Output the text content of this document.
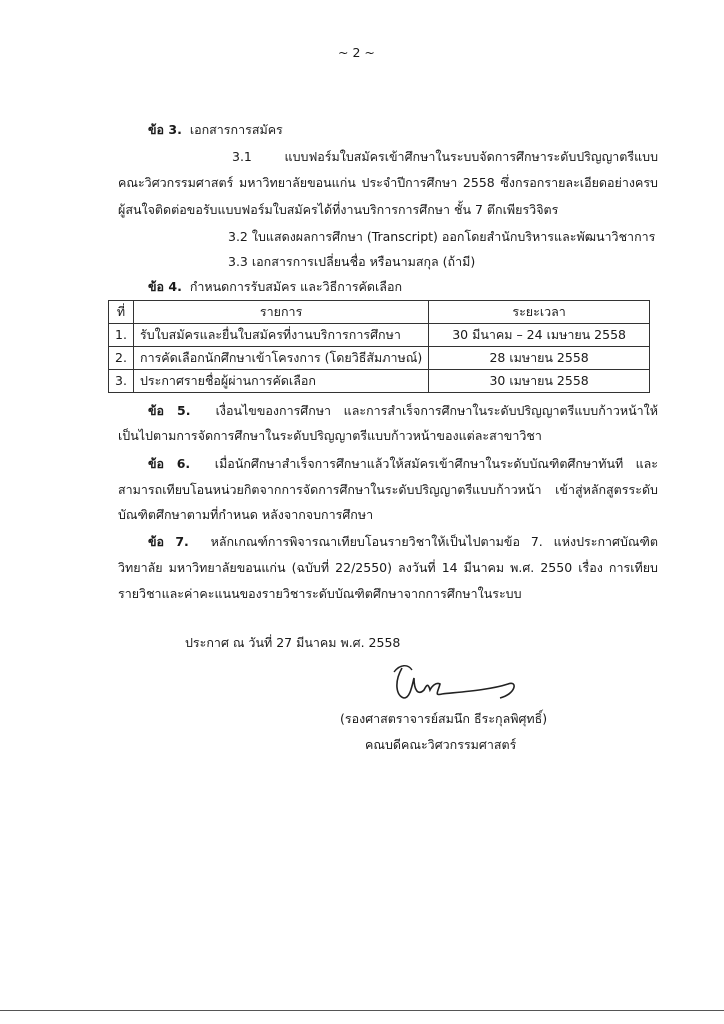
~ 2 ~
ข้อ 3. เอกสารการสมัคร
3.1 แบบฟอร์มใบสมัครเข้าศึกษาในระบบจัดการศึกษาระดับปริญญาตรีแบบ
คณะวิศวกรรมศาสตร์ มหาวิทยาลัยขอนแก่น ประจำปีการศึกษา 2558 ซึ่งกรอกรายละเอียดอย่างครบ
ผู้สนใจติดต่อขอรับแบบฟอร์มใบสมัครได้ที่งานบริการการศึกษา ชั้น 7 ตึกเพียรวิจิตร
3.2 ใบแสดงผลการศึกษา (Transcript) ออกโดยสำนักบริหารและพัฒนาวิชาการ
3.3 เอกสารการเปลี่ยนชื่อ หรือนามสกุล (ถ้ามี)
ข้อ 4. กำหนดการรับสมัคร และวิธีการคัดเลือก
ที่	รายการ	ระยะเวลา
1.	รับใบสมัครและยื่นใบสมัครที่งานบริการการศึกษา	30 มีนาคม – 24 เมษายน 2558
2.	การคัดเลือกนักศึกษาเข้าโครงการ (โดยวิธีสัมภาษณ์)	28 เมษายน 2558
3.	ประกาศรายชื่อผู้ผ่านการคัดเลือก	30 เมษายน 2558
ข้อ 5. เงื่อนไขของการศึกษา และการสำเร็จการศึกษาในระดับปริญญาตรีแบบก้าวหน้าให้
เป็นไปตามการจัดการศึกษาในระดับปริญญาตรีแบบก้าวหน้าของแต่ละสาขาวิชา
ข้อ 6. เมื่อนักศึกษาสำเร็จการศึกษาแล้วให้สมัครเข้าศึกษาในระดับบัณฑิตศึกษาทันที และ
สามารถเทียบโอนหน่วยกิตจากการจัดการศึกษาในระดับปริญญาตรีแบบก้าวหน้า เข้าสู่หลักสูตรระดับ
บัณฑิตศึกษาตามที่กำหนด หลังจากจบการศึกษา
ข้อ 7. หลักเกณฑ์การพิจารณาเทียบโอนรายวิชาให้เป็นไปตามข้อ 7. แห่งประกาศบัณฑิต
วิทยาลัย มหาวิทยาลัยขอนแก่น (ฉบับที่ 22/2550) ลงวันที่ 14 มีนาคม พ.ศ. 2550 เรื่อง การเทียบ
รายวิชาและค่าคะแนนของรายวิชาระดับบัณฑิตศึกษาจากการศึกษาในระบบ
ประกาศ ณ วันที่ 27 มีนาคม พ.ศ. 2558
(รองศาสตราจารย์สมนึก ธีระกุลพิศุทธิ์)
คณบดีคณะวิศวกรรมศาสตร์
